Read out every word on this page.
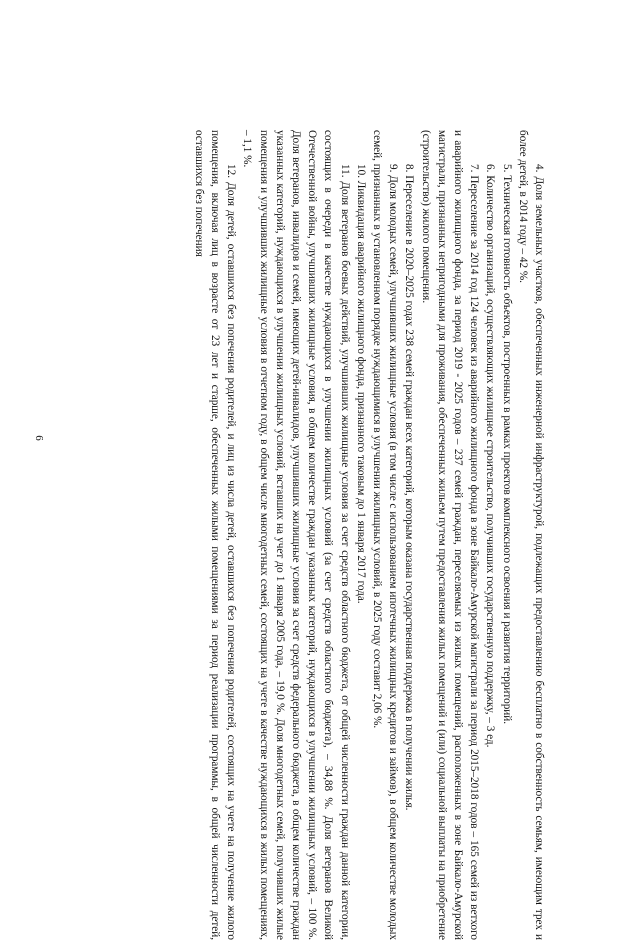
6	4. Доля земельных участков, обеспеченных инженерной инфраструктурой, подлежащих предоставлению бесплатно в собственность семьям, имеющим трех и более детей, в 2014 году – 42 %.

5. Техническая готовность объектов, построенных в рамках проектов комплексного освоения и развития территорий.

6. Количество организаций, осуществляющих жилищное строительство, получивших государственную поддержку, – 3 ед.

7. Переселение за 2014 год 124 человек из аварийного жилищного фонда в зоне Байкало-Амурской магистрали за период 2015–2018 годов – 165 семей из ветхого и аварийного жилищного фонда, за период 2019 - 2025 годов – 237 семей граждан, переселяемых из жилых помещений, расположенных в зоне Байкало-Амурской магистрали, признанных непригодными для проживания, обеспеченных жильем путем предоставления жилых помещений и (или) социальной выплаты на приобретение (строительство) жилого помещения.

8. Переселение в 2020–2025 годах 238 семей граждан всех категорий, которым оказана государственная поддержка в получении жилья.

9. Доля молодых семей, улучшивших жилищные условия (в том числе с использованием ипотечных жилищных кредитов и займов), в общем количестве молодых семей, признанных в установленном порядке нуждающимися в улучшении жилищных условий, в 2025 году составит 2,06 %.

10. Ликвидация аварийного жилищного фонда, признанного таковым до 1 января 2017 года.

11. Доля ветеранов боевых действий, улучшивших жилищные условия за счет средств областного бюджета, от общей численности граждан данной категории, состоящих в очереди в качестве нуждающихся в улучшении жилищных условий (за счет средств областного бюджета), – 34,88 %. Доля ветеранов Великой Отечественной войны, улучшивших жилищные условия, в общем количестве граждан указанных категорий, нуждающихся в улучшении жилищных условий, – 100 %. Доля ветеранов, инвалидов и семей, имеющих детей-инвалидов, улучшивших жилищные условия за счет средств федерального бюджета, в общем количестве граждан указанных категорий, нуждающихся в улучшении жилищных условий, вставших на учет до 1 января 2005 года, – 19,0 %. Доля многодетных семей, получивших жилые помещения и улучшивших жилищные условия в отчетном году, в общем числе многодетных семей, состоящих на учете в качестве нуждающихся в жилых помещениях, – 1,1 %.

12. Доля детей, оставшихся без попечения родителей, и лиц из числа детей, оставшихся без попечения родителей, состоящих на учете на получение жилого помещения, включая лиц в возрасте от 23 лет и старше, обеспеченных жилыми помещениями за период реализации программы, в общей численности детей, оставшихся без попечения
